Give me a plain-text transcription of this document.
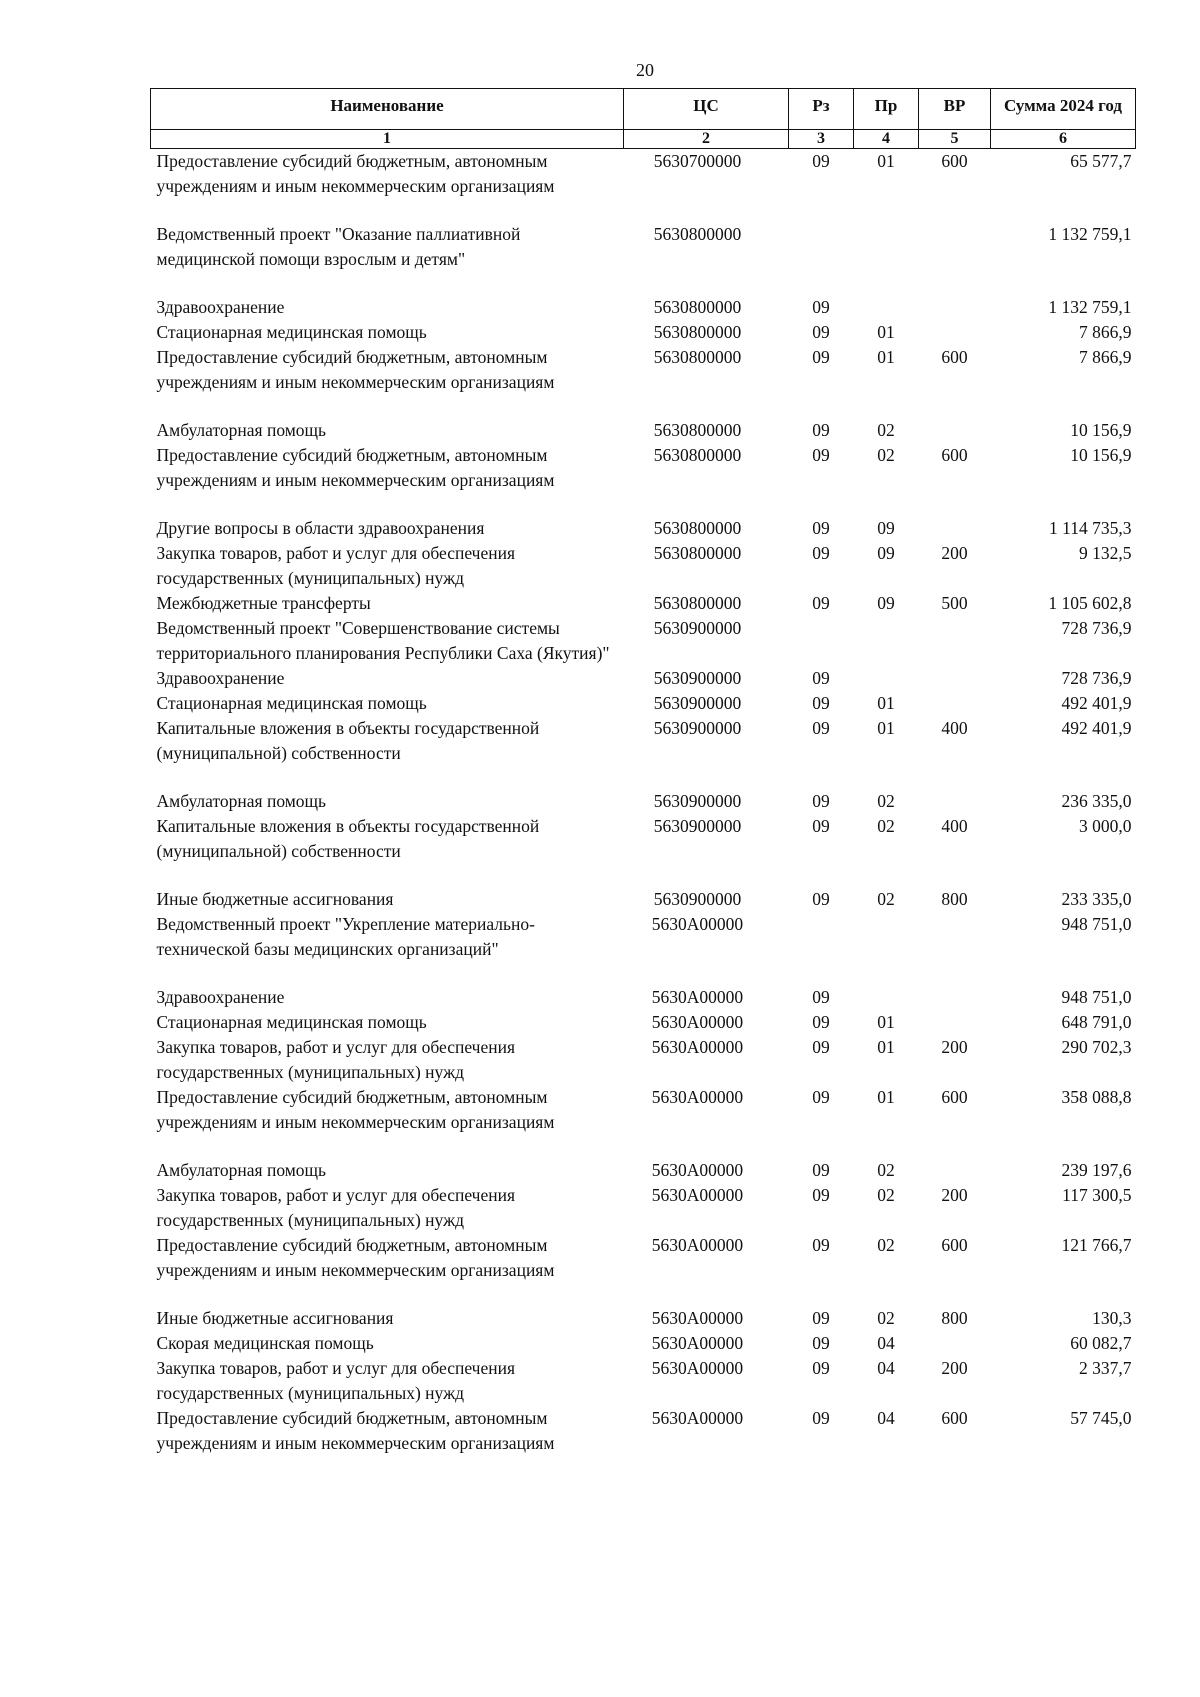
20
Наименование	ЦС	Рз	Пр	ВР	Сумма 2024 год
1	2	3	4	5	6
Предоставление субсидий бюджетным, автономным учреждениям и иным некоммерческим организациям	5630700000	09	01	600	65 577,7
Ведомственный проект "Оказание паллиативной медицинской помощи взрослым и детям"	5630800000				1 132 759,1
Здравоохранение	5630800000	09			1 132 759,1
Стационарная медицинская помощь	5630800000	09	01		7 866,9
Предоставление субсидий бюджетным, автономным учреждениям и иным некоммерческим организациям	5630800000	09	01	600	7 866,9
Амбулаторная помощь	5630800000	09	02		10 156,9
Предоставление субсидий бюджетным, автономным учреждениям и иным некоммерческим организациям	5630800000	09	02	600	10 156,9
Другие вопросы в области здравоохранения	5630800000	09	09		1 114 735,3
Закупка товаров, работ и услуг для обеспечения государственных (муниципальных) нужд	5630800000	09	09	200	9 132,5
Межбюджетные трансферты	5630800000	09	09	500	1 105 602,8
Ведомственный проект "Совершенствование системы территориального планирования Республики Саха (Якутия)"	5630900000				728 736,9
Здравоохранение	5630900000	09			728 736,9
Стационарная медицинская помощь	5630900000	09	01		492 401,9
Капитальные вложения в объекты государственной (муниципальной) собственности	5630900000	09	01	400	492 401,9
Амбулаторная помощь	5630900000	09	02		236 335,0
Капитальные вложения в объекты государственной (муниципальной) собственности	5630900000	09	02	400	3 000,0
Иные бюджетные ассигнования	5630900000	09	02	800	233 335,0
Ведомственный проект "Укрепление материально-технической базы медицинских организаций"	5630А00000				948 751,0
Здравоохранение	5630А00000	09			948 751,0
Стационарная медицинская помощь	5630А00000	09	01		648 791,0
Закупка товаров, работ и услуг для обеспечения государственных (муниципальных) нужд	5630А00000	09	01	200	290 702,3
Предоставление субсидий бюджетным, автономным учреждениям и иным некоммерческим организациям	5630А00000	09	01	600	358 088,8
Амбулаторная помощь	5630А00000	09	02		239 197,6
Закупка товаров, работ и услуг для обеспечения государственных (муниципальных) нужд	5630А00000	09	02	200	117 300,5
Предоставление субсидий бюджетным, автономным учреждениям и иным некоммерческим организациям	5630А00000	09	02	600	121 766,7
Иные бюджетные ассигнования	5630А00000	09	02	800	130,3
Скорая медицинская помощь	5630А00000	09	04		60 082,7
Закупка товаров, работ и услуг для обеспечения государственных (муниципальных) нужд	5630А00000	09	04	200	2 337,7
Предоставление субсидий бюджетным, автономным учреждениям и иным некоммерческим организациям	5630А00000	09	04	600	57 745,0
